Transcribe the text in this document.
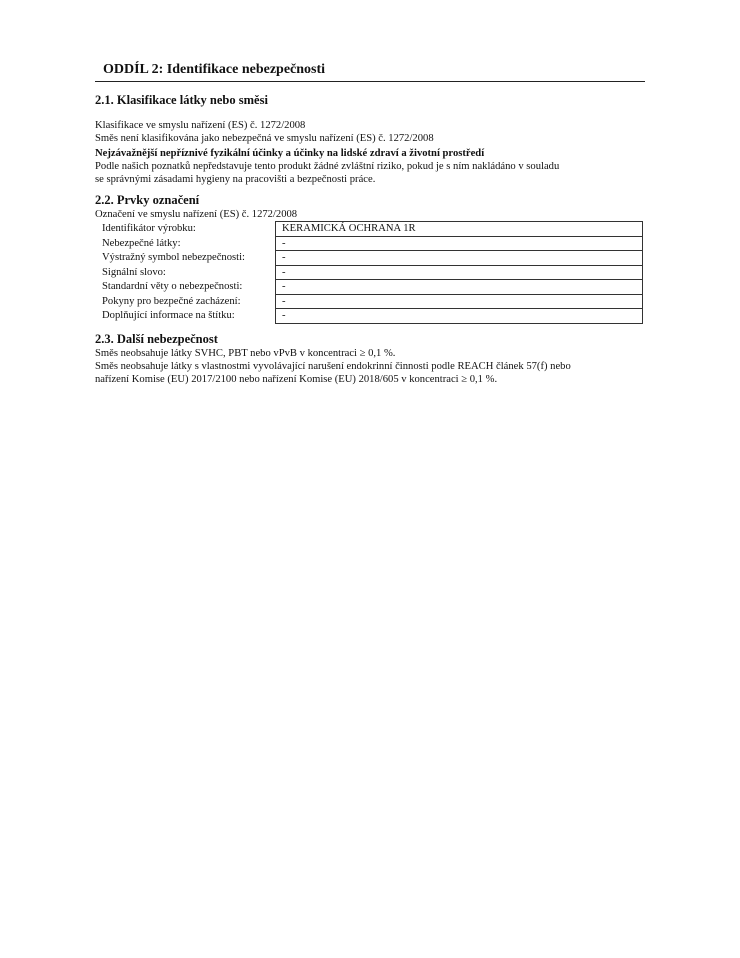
ODDÍL 2: Identifikace nebezpečnosti
2.1. Klasifikace látky nebo směsi
Klasifikace ve smyslu nařízení (ES) č. 1272/2008
Směs není klasifikována jako nebezpečná ve smyslu nařízení (ES) č. 1272/2008
Nejzávažnější nepříznivé fyzikální účinky a účinky na lidské zdraví a životní prostředí
Podle našich poznatků nepředstavuje tento produkt žádné zvláštní riziko, pokud je s ním nakládáno v souladu
se správnými zásadami hygieny na pracovišti a bezpečnosti práce.
2.2. Prvky označení
Označení ve smyslu nařízení (ES) č. 1272/2008
Identifikátor výrobku:	KERAMICKÁ OCHRANA 1R
Nebezpečné látky:	-
Výstražný symbol nebezpečnosti:	-
Signální slovo:	-
Standardní věty o nebezpečnosti:	-
Pokyny pro bezpečné zacházení:	-
Doplňující informace na štítku:	-
2.3. Další nebezpečnost
Směs neobsahuje látky SVHC, PBT nebo vPvB v koncentraci ≥ 0,1 %.
Směs neobsahuje látky s vlastnostmi vyvolávající narušení endokrinní činnosti podle REACH článek 57(f) nebo
nařízení Komise (EU) 2017/2100 nebo nařízení Komise (EU) 2018/605 v koncentraci ≥ 0,1 %.
